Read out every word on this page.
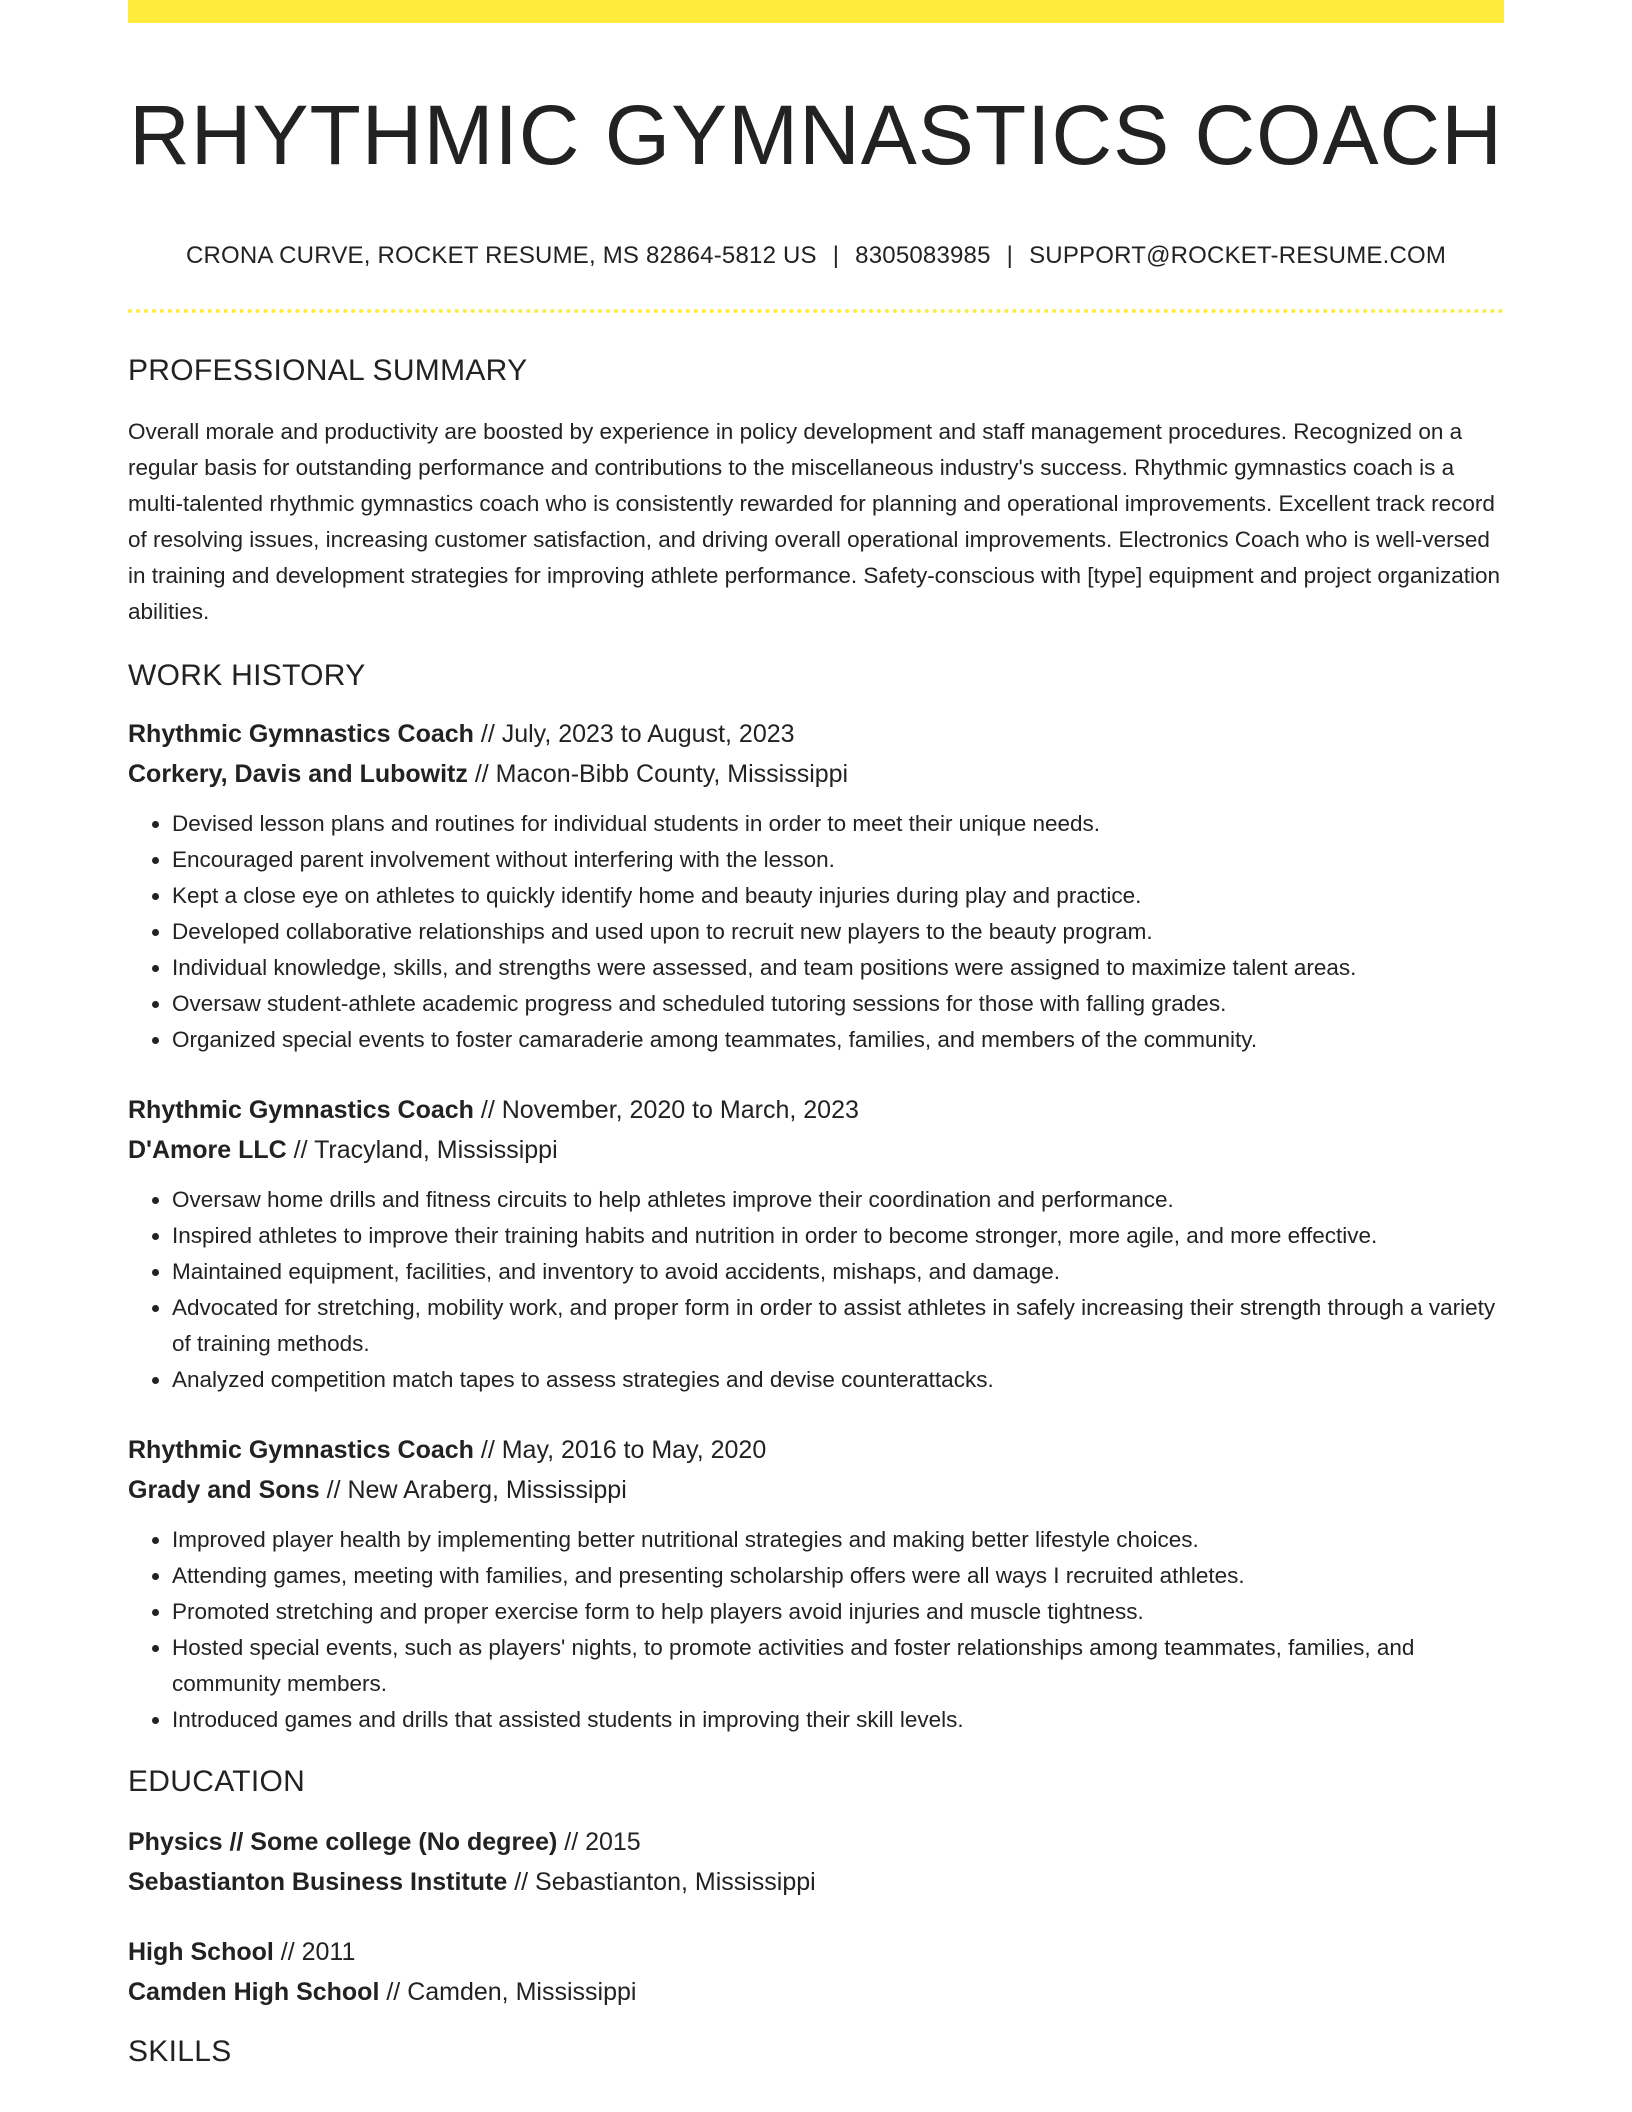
RHYTHMIC GYMNASTICS COACH
CRONA CURVE, ROCKET RESUME, MS 82864-5812 US | 8305083985 | SUPPORT@ROCKET-RESUME.COM
PROFESSIONAL SUMMARY
Overall morale and productivity are boosted by experience in policy development and staff management procedures. Recognized on a regular basis for outstanding performance and contributions to the miscellaneous industry's success. Rhythmic gymnastics coach is a multi-talented rhythmic gymnastics coach who is consistently rewarded for planning and operational improvements. Excellent track record of resolving issues, increasing customer satisfaction, and driving overall operational improvements. Electronics Coach who is well-versed in training and development strategies for improving athlete performance. Safety-conscious with [type] equipment and project organization abilities.
WORK HISTORY
Rhythmic Gymnastics Coach // July, 2023 to August, 2023
Corkery, Davis and Lubowitz // Macon-Bibb County, Mississippi
• Devised lesson plans and routines for individual students in order to meet their unique needs.
• Encouraged parent involvement without interfering with the lesson.
• Kept a close eye on athletes to quickly identify home and beauty injuries during play and practice.
• Developed collaborative relationships and used upon to recruit new players to the beauty program.
• Individual knowledge, skills, and strengths were assessed, and team positions were assigned to maximize talent areas.
• Oversaw student-athlete academic progress and scheduled tutoring sessions for those with falling grades.
• Organized special events to foster camaraderie among teammates, families, and members of the community.
Rhythmic Gymnastics Coach // November, 2020 to March, 2023
D'Amore LLC // Tracyland, Mississippi
• Oversaw home drills and fitness circuits to help athletes improve their coordination and performance.
• Inspired athletes to improve their training habits and nutrition in order to become stronger, more agile, and more effective.
• Maintained equipment, facilities, and inventory to avoid accidents, mishaps, and damage.
• Advocated for stretching, mobility work, and proper form in order to assist athletes in safely increasing their strength through a variety of training methods.
• Analyzed competition match tapes to assess strategies and devise counterattacks.
Rhythmic Gymnastics Coach // May, 2016 to May, 2020
Grady and Sons // New Araberg, Mississippi
• Improved player health by implementing better nutritional strategies and making better lifestyle choices.
• Attending games, meeting with families, and presenting scholarship offers were all ways I recruited athletes.
• Promoted stretching and proper exercise form to help players avoid injuries and muscle tightness.
• Hosted special events, such as players' nights, to promote activities and foster relationships among teammates, families, and community members.
• Introduced games and drills that assisted students in improving their skill levels.
EDUCATION
Physics // Some college (No degree) // 2015
Sebastianton Business Institute // Sebastianton, Mississippi
High School // 2011
Camden High School // Camden, Mississippi
SKILLS
